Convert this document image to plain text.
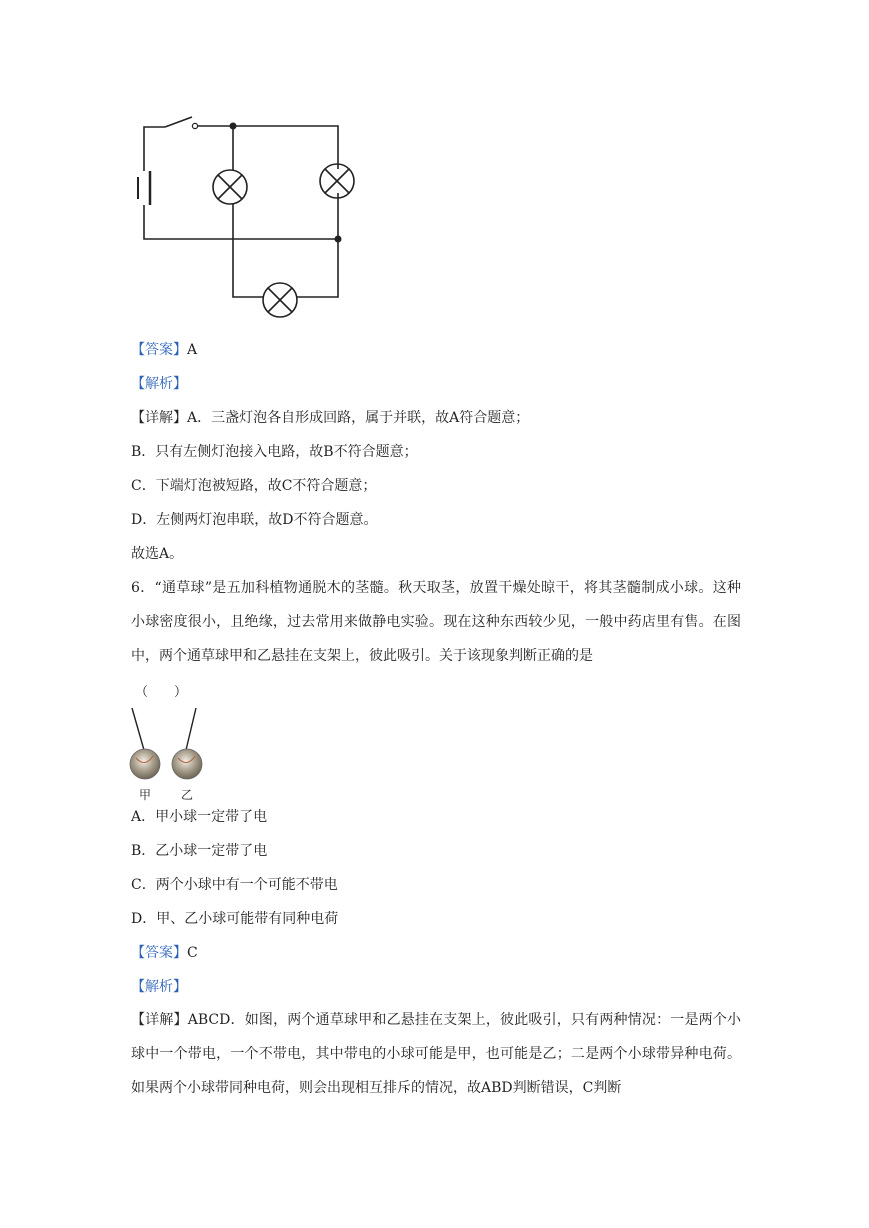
【答案】A
【解析】
【详解】A．三盏灯泡各自形成回路，属于并联，故A符合题意；
B．只有左侧灯泡接入电路，故B不符合题意；
C．下端灯泡被短路，故C不符合题意；
D．左侧两灯泡串联，故D不符合题意。
故选A。
6．“通草球”是五加科植物通脱木的茎髓。秋天取茎，放置干燥处晾干，将其茎髓制成小球。这种小球密度很小，且绝缘，过去常用来做静电实验。现在这种东西较少见，一般中药店里有售。在图中，两个通草球甲和乙悬挂在支架上，彼此吸引。关于该现象判断正确的是
（　　）
甲 乙
A．甲小球一定带了电
B．乙小球一定带了电
C．两个小球中有一个可能不带电
D．甲、乙小球可能带有同种电荷
【答案】C
【解析】
【详解】ABCD．如图，两个通草球甲和乙悬挂在支架上，彼此吸引，只有两种情况：一是两个小球中一个带电，一个不带电，其中带电的小球可能是甲，也可能是乙；二是两个小球带异种电荷。如果两个小球带同种电荷，则会出现相互排斥的情况，故ABD判断错误，C判断
